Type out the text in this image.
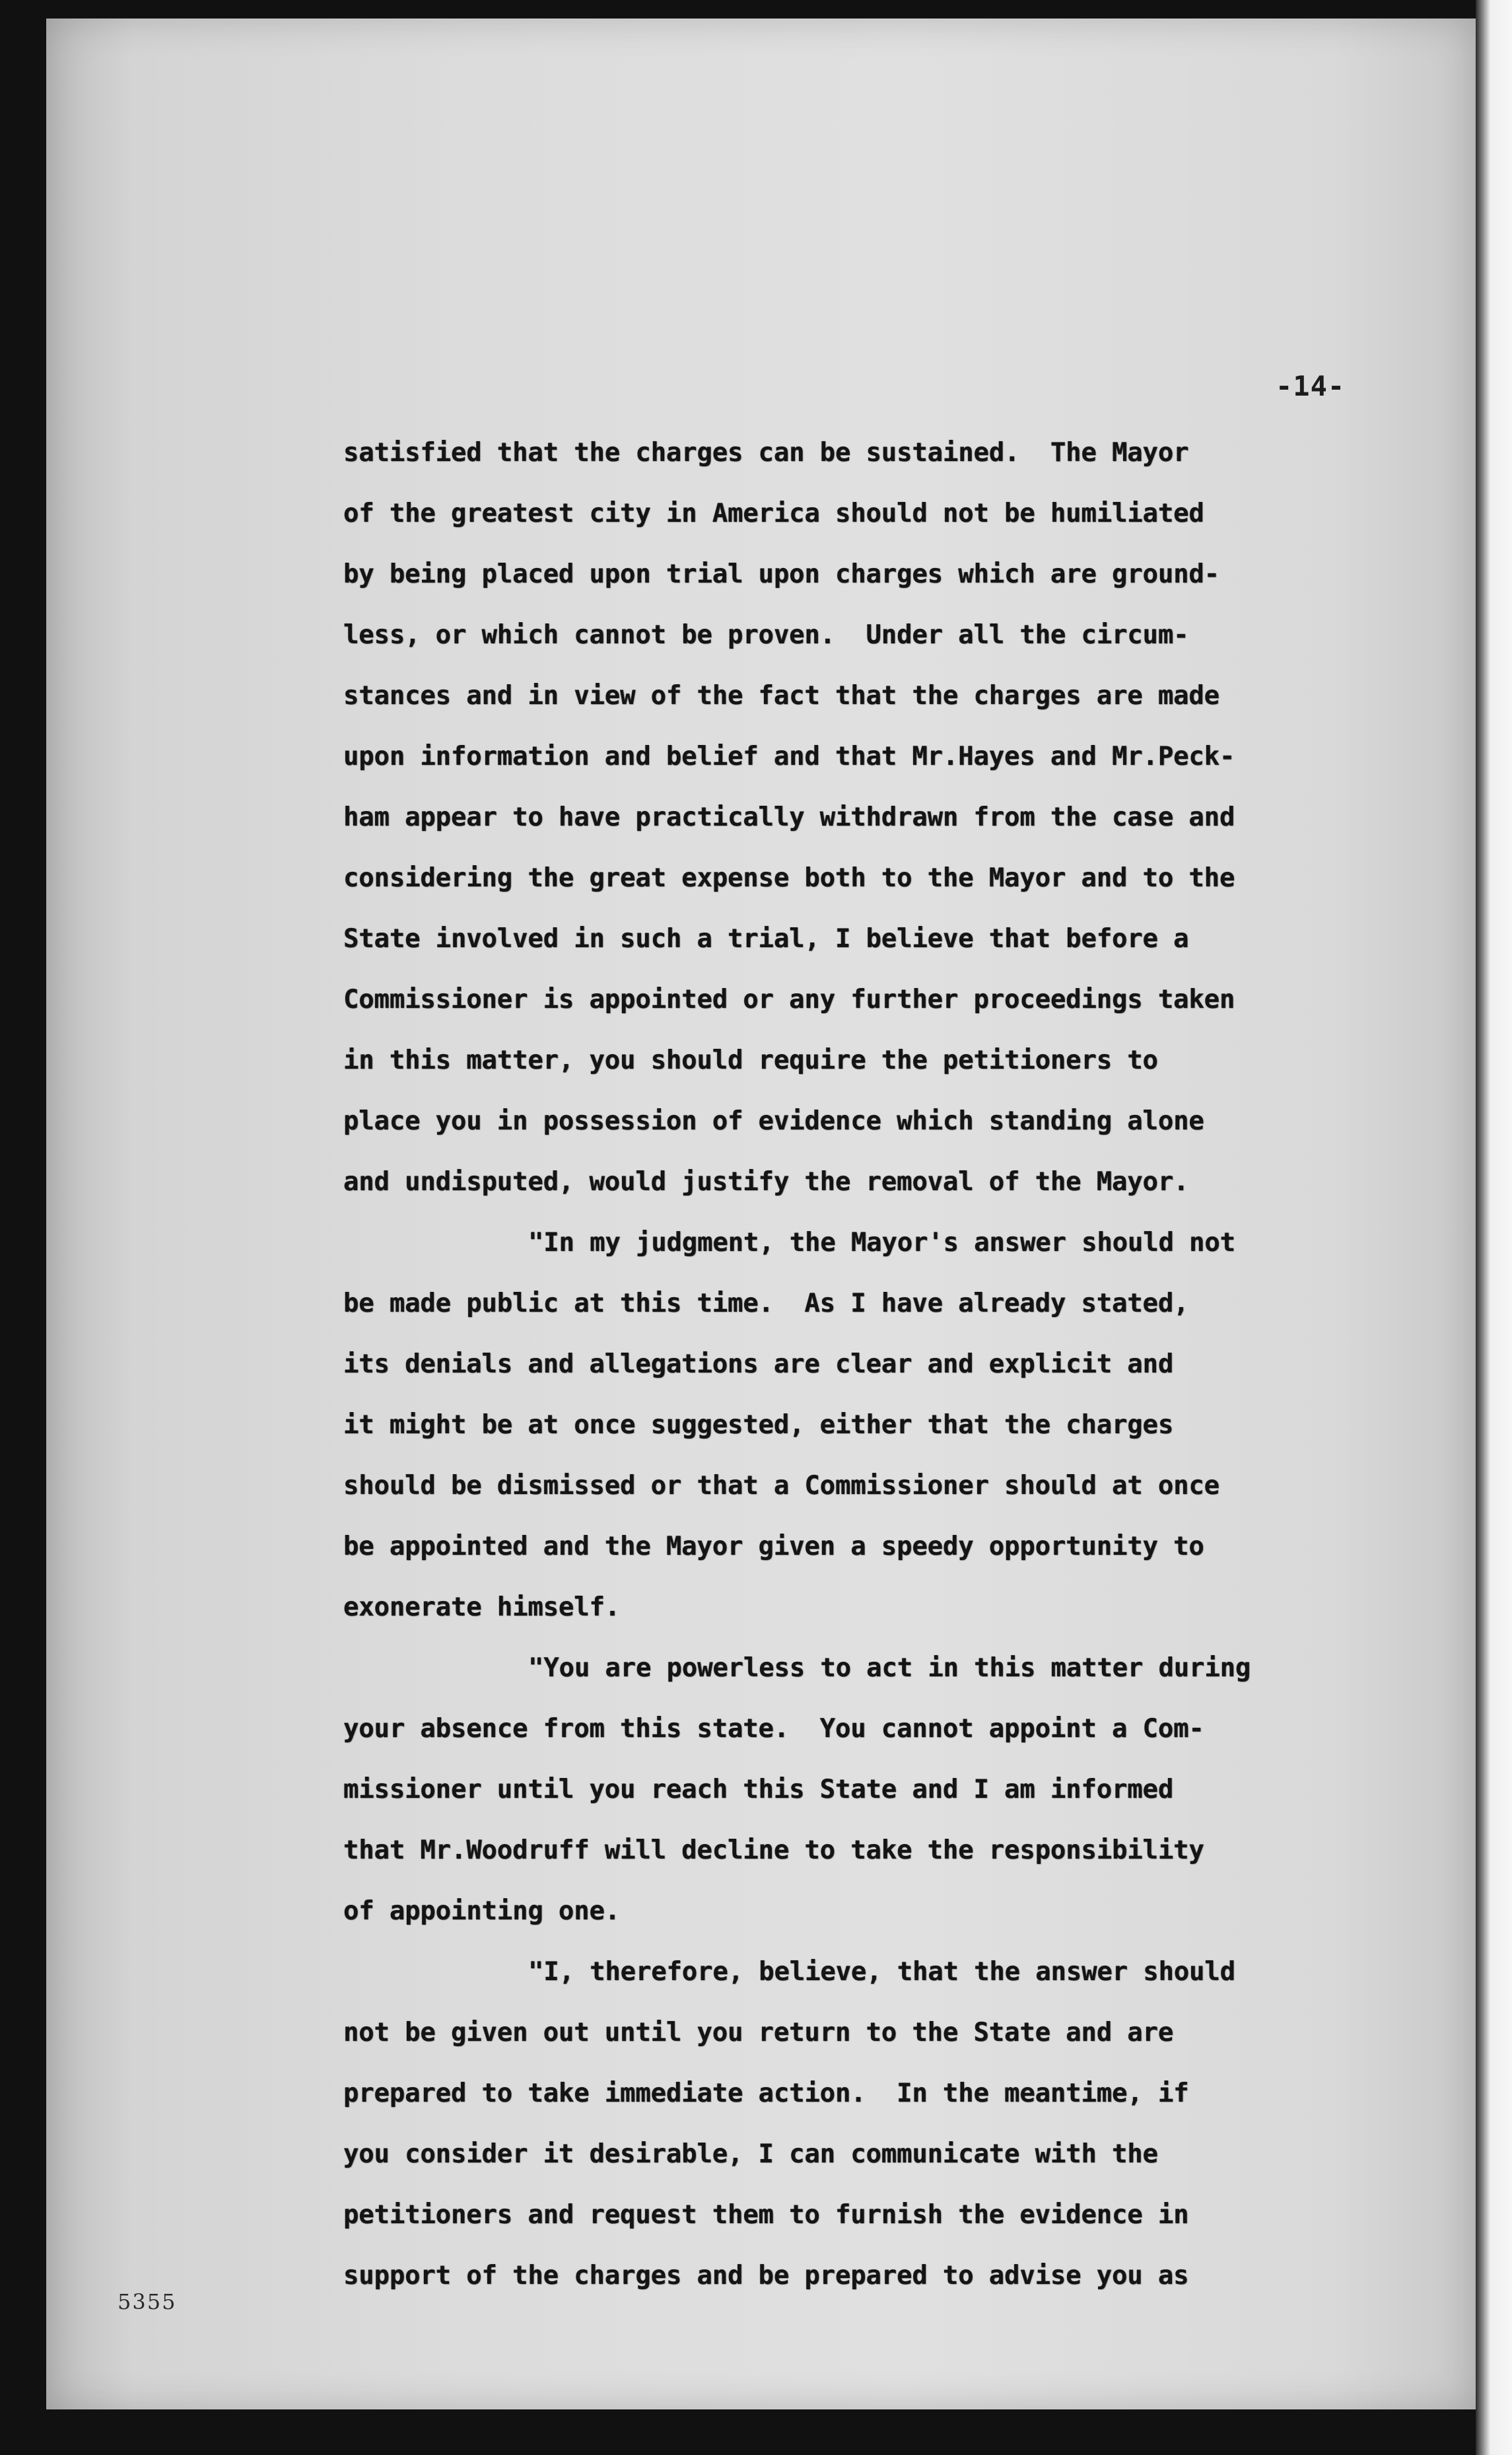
-14-
satisfied that the charges can be sustained.  The Mayor
of the greatest city in America should not be humiliated
by being placed upon trial upon charges which are ground-
less, or which cannot be proven.  Under all the circum-
stances and in view of the fact that the charges are made
upon information and belief and that Mr.Hayes and Mr.Peck-
ham appear to have practically withdrawn from the case and
considering the great expense both to the Mayor and to the
State involved in such a trial, I believe that before a
Commissioner is appointed or any further proceedings taken
in this matter, you should require the petitioners to
place you in possession of evidence which standing alone
and undisputed, would justify the removal of the Mayor.
"In my judgment, the Mayor's answer should not
be made public at this time.  As I have already stated,
its denials and allegations are clear and explicit and
it might be at once suggested, either that the charges
should be dismissed or that a Commissioner should at once
be appointed and the Mayor given a speedy opportunity to
exonerate himself.
"You are powerless to act in this matter during
your absence from this state.  You cannot appoint a Com-
missioner until you reach this State and I am informed
that Mr.Woodruff will decline to take the responsibility
of appointing one.
"I, therefore, believe, that the answer should
not be given out until you return to the State and are
prepared to take immediate action.  In the meantime, if
you consider it desirable, I can communicate with the
petitioners and request them to furnish the evidence in
support of the charges and be prepared to advise you as
5355
